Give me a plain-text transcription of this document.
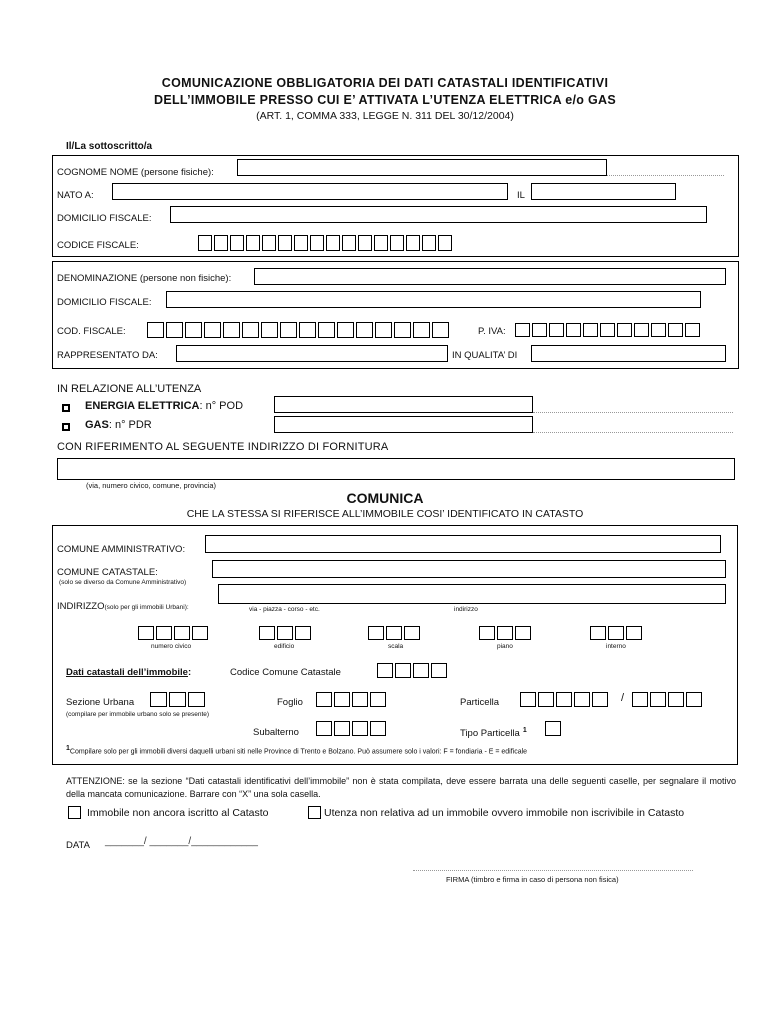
COMUNICAZIONE OBBLIGATORIA DEI DATI CATASTALI IDENTIFICATIVI
DELL’IMMOBILE PRESSO CUI E’ ATTIVATA L’UTENZA ELETTRICA e/o GAS
(ART. 1, COMMA 333, LEGGE N. 311 DEL 30/12/2004)
Il/La sottoscritto/a
COGNOME NOME (persone fisiche):
NATO A:	IL
DOMICILIO FISCALE:
CODICE FISCALE:
DENOMINAZIONE (persone non fisiche):
DOMICILIO FISCALE:
COD. FISCALE:	P. IVA:
RAPPRESENTATO DA:	IN QUALITA’ DI
IN RELAZIONE ALL’UTENZA
ENERGIA ELETTRICA: n° POD
GAS: n° PDR
CON RIFERIMENTO AL SEGUENTE INDIRIZZO DI FORNITURA
(via, numero civico, comune, provincia)
COMUNICA
CHE LA STESSA SI RIFERISCE ALL’IMMOBILE COSI’ IDENTIFICATO IN CATASTO
COMUNE AMMINISTRATIVO:
COMUNE CATASTALE:
(solo se diverso da Comune Amministrativo)
INDIRIZZO(solo per gli immobili Urbani):	via - piazza - corso - etc.	indirizzo
numero civico	edificio	scala	piano	interno
Dati catastali dell’immobile:	Codice Comune Catastale
Sezione Urbana
(compilare per immobile urbano solo se presente)
Foglio	Particella	/
Subalterno	Tipo Particella $^1$
$^1$Compilare solo per gli immobili diversi daquelli urbani siti nelle Province di Trento e Bolzano. Può assumere solo i valori: F = fondiaria - E = edificale
ATTENZIONE: se la sezione “Dati catastali identificativi dell’immobile” non è stata compilata, deve essere barrata una delle seguenti caselle, per segnalare il motivo della mancata comunicazione. Barrare con “X” una sola casella.
Immobile non ancora iscritto al Catasto	Utenza non relativa ad un immobile ovvero immobile non iscrivibile in Catasto
DATA _______/ _______/____________
FIRMA (timbro e firma in caso di persona non fisica)
